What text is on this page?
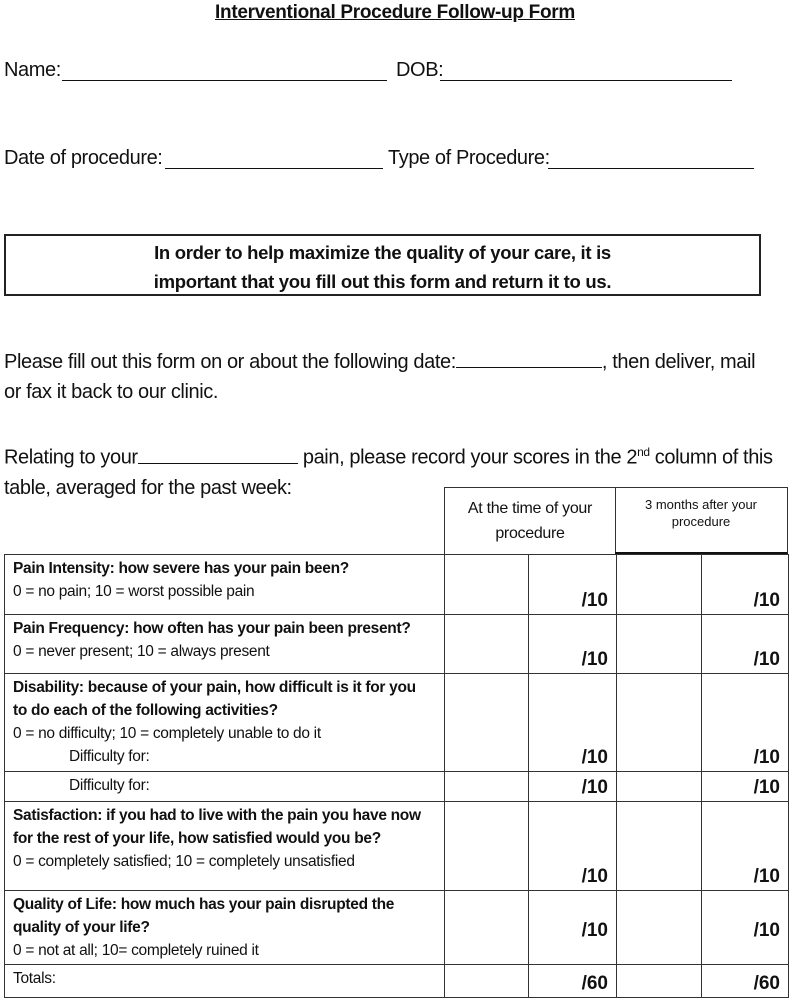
Interventional Procedure Follow-up Form
Name:	DOB:
Date of procedure:	Type of Procedure:
In order to help maximize the quality of your care, it is
important that you fill out this form and return it to us.
Please fill out this form on or about the following date:	, then deliver, mail
or fax it back to our clinic.
Relating to your	pain, please record your scores in the 2nd column of this
table, averaged for the past week:
At the time of your procedure
3 months after your procedure
Pain Intensity: how severe has your pain been?
0 = no pain; 10 = worst possible pain		/10		/10

Pain Frequency: how often has your pain been present?
0 = never present; 10 = always present		/10		/10

Disability: because of your pain, how difficult is it for you
to do each of the following activities?
0 = no difficulty; 10 = completely unable to do it
Difficulty for:		/10		/10

Difficulty for:		/10		/10

Satisfaction: if you had to live with the pain you have now
for the rest of your life, how satisfied would you be?
0 = completely satisfied; 10 = completely unsatisfied		/10		/10

Quality of Life: how much has your pain disrupted the
quality of your life?
0 = not at all; 10= completely ruined it		/10		/10

Totals:		/60		/60
